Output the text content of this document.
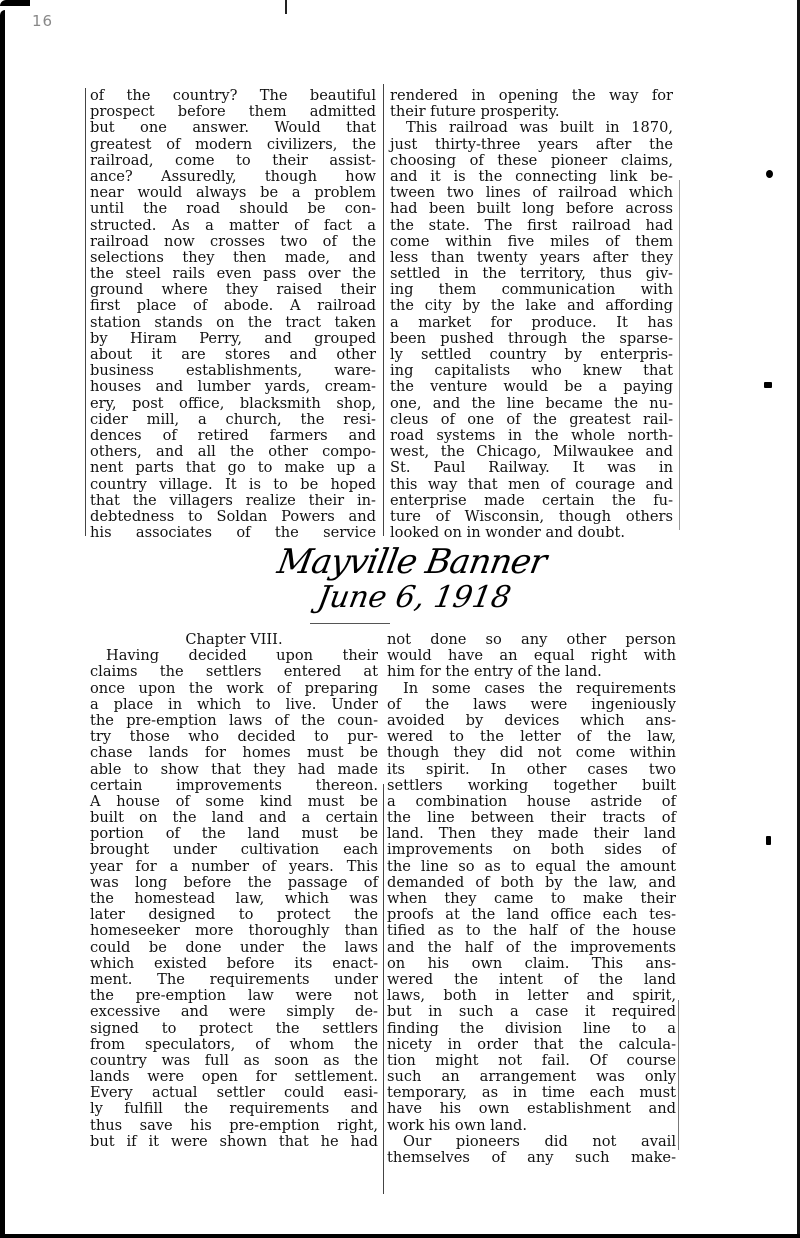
16
of the country? The beautiful
prospect before them admitted
but one answer. Would that
greatest of modern civilizers, the
railroad, come to their assist-
ance? Assuredly, though how
near would always be a problem
until the road should be con-
structed. As a matter of fact a
railroad now crosses two of the
selections they then made, and
the steel rails even pass over the
ground where they raised their
first place of abode. A railroad
station stands on the tract taken
by Hiram Perry, and grouped
about it are stores and other
business establishments, ware-
houses and lumber yards, cream-
ery, post office, blacksmith shop,
cider mill, a church, the resi-
dences of retired farmers and
others, and all the other compo-
nent parts that go to make up a
country village. It is to be hoped
that the villagers realize their in-
debtedness to Soldan Powers and
his associates of the service
rendered in opening the way for
their future prosperity.
This railroad was built in 1870,
just thirty-three years after the
choosing of these pioneer claims,
and it is the connecting link be-
tween two lines of railroad which
had been built long before across
the state. The first railroad had
come within five miles of them
less than twenty years after they
settled in the territory, thus giv-
ing them communication with
the city by the lake and affording
a market for produce. It has
been pushed through the sparse-
ly settled country by enterpris-
ing capitalists who knew that
the venture would be a paying
one, and the line became the nu-
cleus of one of the greatest rail-
road systems in the whole north-
west, the Chicago, Milwaukee and
St. Paul Railway. It was in
this way that men of courage and
enterprise made certain the fu-
ture of Wisconsin, though others
looked on in wonder and doubt.
Mayville Banner
June 6, 1918
Chapter VIII.
Having decided upon their
claims the settlers entered at
once upon the work of preparing
a place in which to live. Under
the pre-emption laws of the coun-
try those who decided to pur-
chase lands for homes must be
able to show that they had made
certain improvements thereon.
A house of some kind must be
built on the land and a certain
portion of the land must be
brought under cultivation each
year for a number of years. This
was long before the passage of
the homestead law, which was
later designed to protect the
homeseeker more thoroughly than
could be done under the laws
which existed before its enact-
ment. The requirements under
the pre-emption law were not
excessive and were simply de-
signed to protect the settlers
from speculators, of whom the
country was full as soon as the
lands were open for settlement.
Every actual settler could easi-
ly fulfill the requirements and
thus save his pre-emption right,
but if it were shown that he had
not done so any other person
would have an equal right with
him for the entry of the land.
In some cases the requirements
of the laws were ingeniously
avoided by devices which ans-
wered to the letter of the law,
though they did not come within
its spirit. In other cases two
settlers working together built
a combination house astride of
the line between their tracts of
land. Then they made their land
improvements on both sides of
the line so as to equal the amount
demanded of both by the law, and
when they came to make their
proofs at the land office each tes-
tified as to the half of the house
and the half of the improvements
on his own claim. This ans-
wered the intent of the land
laws, both in letter and spirit,
but in such a case it required
finding the division line to a
nicety in order that the calcula-
tion might not fail. Of course
such an arrangement was only
temporary, as in time each must
have his own establishment and
work his own land.
Our pioneers did not avail
themselves of any such make-
